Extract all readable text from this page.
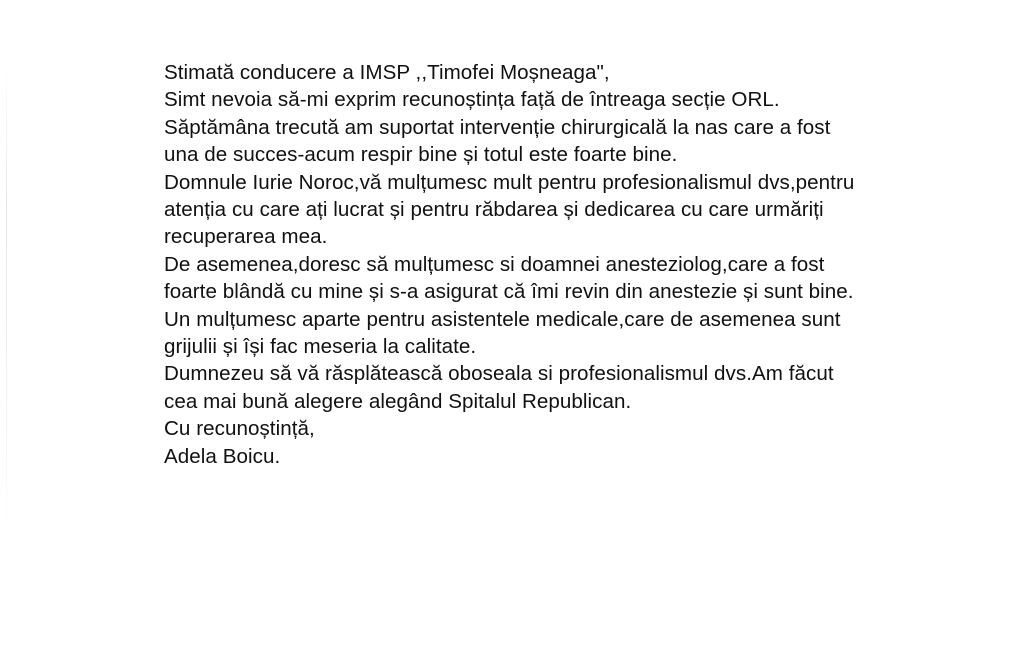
Stimată conducere a IMSP ,,Timofei Moșneaga",
Simt nevoia să-mi exprim recunoștința față de întreaga secție ORL.
Săptămâna trecută am suportat intervenție chirurgicală la nas care a fost
una de succes-acum respir bine și totul este foarte bine.
Domnule Iurie Noroc,vă mulțumesc mult pentru profesionalismul dvs,pentru
atenția cu care ați lucrat și pentru răbdarea și dedicarea cu care urmăriți
recuperarea mea.
De asemenea,doresc să mulțumesc si doamnei anesteziolog,care a fost
foarte blândă cu mine și s-a asigurat că îmi revin din anestezie și sunt bine.
Un mulțumesc aparte pentru asistentele medicale,care de asemenea sunt
grijulii și își fac meseria la calitate.
Dumnezeu să vă răsplătească oboseala si profesionalismul dvs.Am făcut
cea mai bună alegere alegând Spitalul Republican.
Cu recunoștință,
Adela Boicu.
